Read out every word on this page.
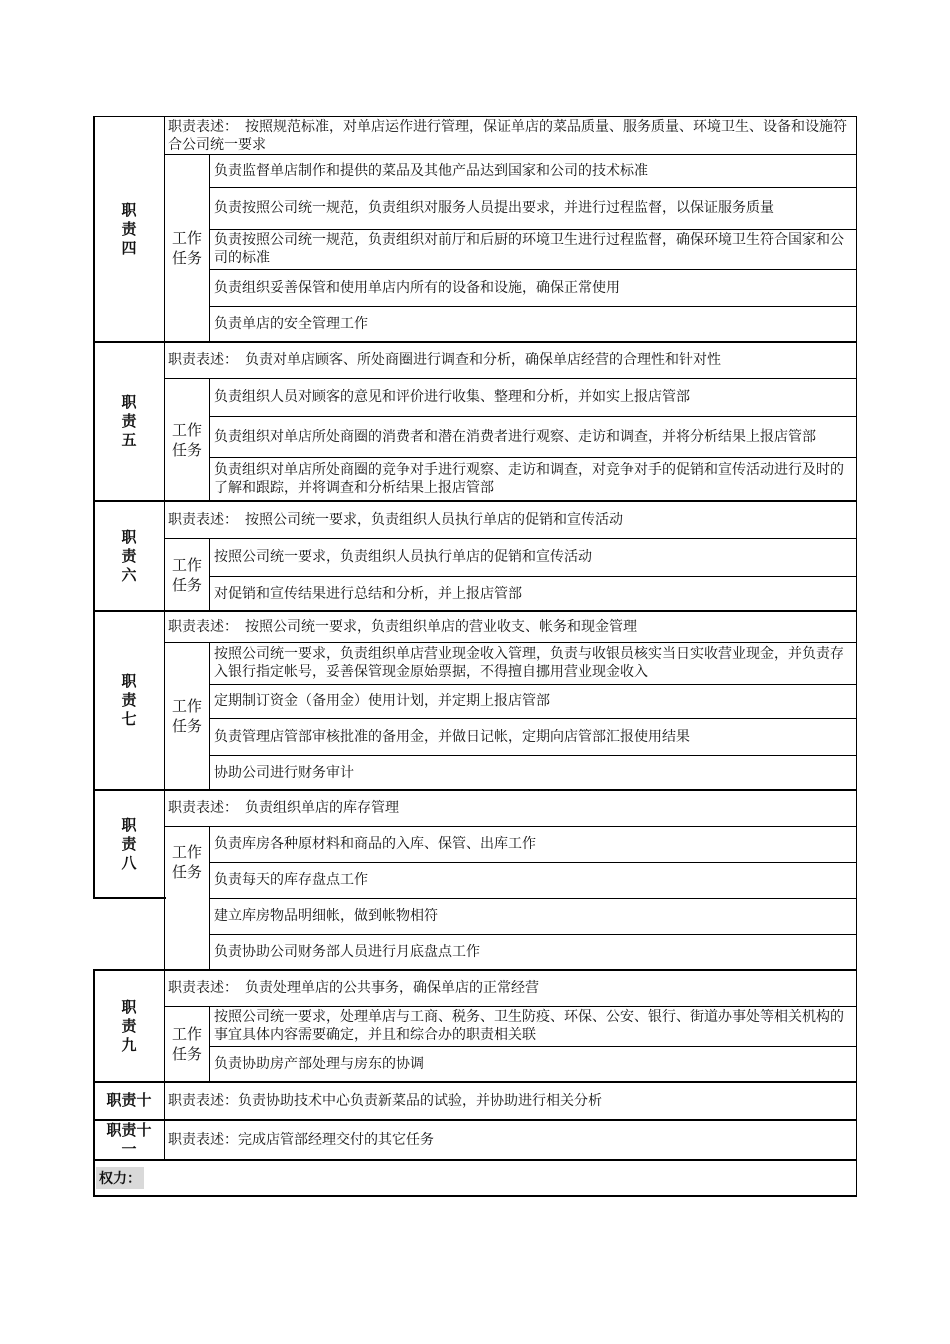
职责四
职责表述：　按照规范标准，对单店运作进行管理，保证单店的菜品质量、服务质量、环境卫生、设备和设施符合公司统一要求
工作任务
负责监督单店制作和提供的菜品及其他产品达到国家和公司的技术标准
负责按照公司统一规范，负责组织对服务人员提出要求，并进行过程监督，以保证服务质量
负责按照公司统一规范，负责组织对前厅和后厨的环境卫生进行过程监督，确保环境卫生符合国家和公司的标准
负责组织妥善保管和使用单店内所有的设备和设施，确保正常使用
负责单店的安全管理工作
职责五
职责表述：　负责对单店顾客、所处商圈进行调查和分析，确保单店经营的合理性和针对性
工作任务
负责组织人员对顾客的意见和评价进行收集、整理和分析，并如实上报店管部
负责组织对单店所处商圈的消费者和潜在消费者进行观察、走访和调查，并将分析结果上报店管部
负责组织对单店所处商圈的竞争对手进行观察、走访和调查，对竞争对手的促销和宣传活动进行及时的了解和跟踪，并将调查和分析结果上报店管部
职责六
职责表述：　按照公司统一要求，负责组织人员执行单店的促销和宣传活动
工作任务
按照公司统一要求，负责组织人员执行单店的促销和宣传活动
对促销和宣传结果进行总结和分析，并上报店管部
职责七
职责表述：　按照公司统一要求，负责组织单店的营业收支、帐务和现金管理
工作任务
按照公司统一要求，负责组织单店营业现金收入管理，负责与收银员核实当日实收营业现金，并负责存入银行指定帐号，妥善保管现金原始票据，不得擅自挪用营业现金收入
定期制订资金（备用金）使用计划，并定期上报店管部
负责管理店管部审核批准的备用金，并做日记帐，定期向店管部汇报使用结果
协助公司进行财务审计
职责八
职责表述：　负责组织单店的库存管理
工作任务
负责库房各种原材料和商品的入库、保管、出库工作
负责每天的库存盘点工作
建立库房物品明细帐，做到帐物相符
负责协助公司财务部人员进行月底盘点工作
职责九
职责表述：　负责处理单店的公共事务，确保单店的正常经营
工作任务
按照公司统一要求，处理单店与工商、税务、卫生防疫、环保、公安、银行、街道办事处等相关机构的事宜具体内容需要确定，并且和综合办的职责相关联
负责协助房产部处理与房东的协调
职责十	职责表述：负责协助技术中心负责新菜品的试验，并协助进行相关分析
职责十一	职责表述：完成店管部经理交付的其它任务
权力：
